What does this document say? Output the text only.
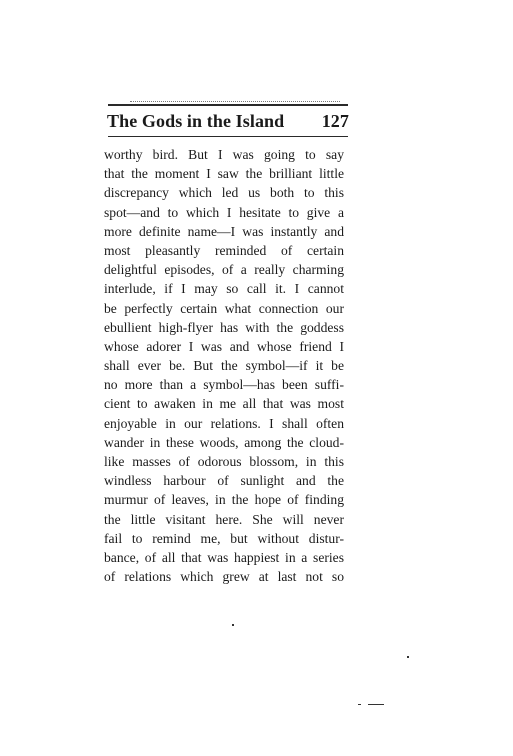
The Gods in the Island 127
worthy bird. But I was going to say
that the moment I saw the brilliant little
discrepancy which led us both to this
spot—and to which I hesitate to give a
more definite name—I was instantly and
most pleasantly reminded of certain
delightful episodes, of a really charming
interlude, if I may so call it. I cannot
be perfectly certain what connection our
ebullient high-flyer has with the goddess
whose adorer I was and whose friend I
shall ever be. But the symbol—if it be
no more than a symbol—has been suffi-
cient to awaken in me all that was most
enjoyable in our relations. I shall often
wander in these woods, among the cloud-
like masses of odorous blossom, in this
windless harbour of sunlight and the
murmur of leaves, in the hope of finding
the little visitant here. She will never
fail to remind me, but without distur-
bance, of all that was happiest in a series
of relations which grew at last not so
